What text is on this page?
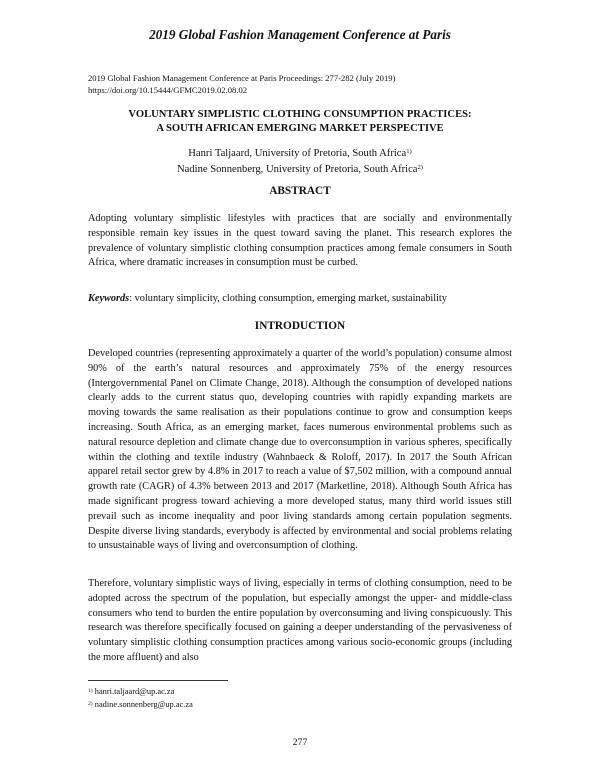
2019 Global Fashion Management Conference at Paris
2019 Global Fashion Management Conference at Paris Proceedings: 277-282 (July 2019)
https://doi.org/10.15444/GFMC2019.02.08.02
VOLUNTARY SIMPLISTIC CLOTHING CONSUMPTION PRACTICES:
A SOUTH AFRICAN EMERGING MARKET PERSPECTIVE
Hanri Taljaard, University of Pretoria, South Africa$^{1)}$
Nadine Sonnenberg, University of Pretoria, South Africa$^{2)}$
ABSTRACT
Adopting voluntary simplistic lifestyles with practices that are socially and environmentally responsible remain key issues in the quest toward saving the planet. This research explores the prevalence of voluntary simplistic clothing consumption practices among female consumers in South Africa, where dramatic increases in consumption must be curbed.
Keywords: voluntary simplicity, clothing consumption, emerging market, sustainability
INTRODUCTION
Developed countries (representing approximately a quarter of the world’s population) consume almost 90% of the earth’s natural resources and approximately 75% of the energy resources (Intergovernmental Panel on Climate Change, 2018). Although the consumption of developed nations clearly adds to the current status quo, developing countries with rapidly expanding markets are moving towards the same realisation as their populations continue to grow and consumption keeps increasing. South Africa, as an emerging market, faces numerous environmental problems such as natural resource depletion and climate change due to overconsumption in various spheres, specifically within the clothing and textile industry (Wahnbaeck & Roloff, 2017). In 2017 the South African apparel retail sector grew by 4.8% in 2017 to reach a value of $7,502 million, with a compound annual growth rate (CAGR) of 4.3% between 2013 and 2017 (Marketline, 2018). Although South Africa has made significant progress toward achieving a more developed status, many third world issues still prevail such as income inequality and poor living standards among certain population segments. Despite diverse living standards, everybody is affected by environmental and social problems relating to unsustainable ways of living and overconsumption of clothing.
Therefore, voluntary simplistic ways of living, especially in terms of clothing consumption, need to be adopted across the spectrum of the population, but especially amongst the upper- and middle-class consumers who tend to burden the entire population by overconsuming and living conspicuously. This research was therefore specifically focused on gaining a deeper understanding of the pervasiveness of voluntary simplistic clothing consumption practices among various socio-economic groups (including the more affluent) and also
$^{1)}$ hanri.taljaard@up.ac.za
$^{2)}$ nadine.sonnenberg@up.ac.za
277
